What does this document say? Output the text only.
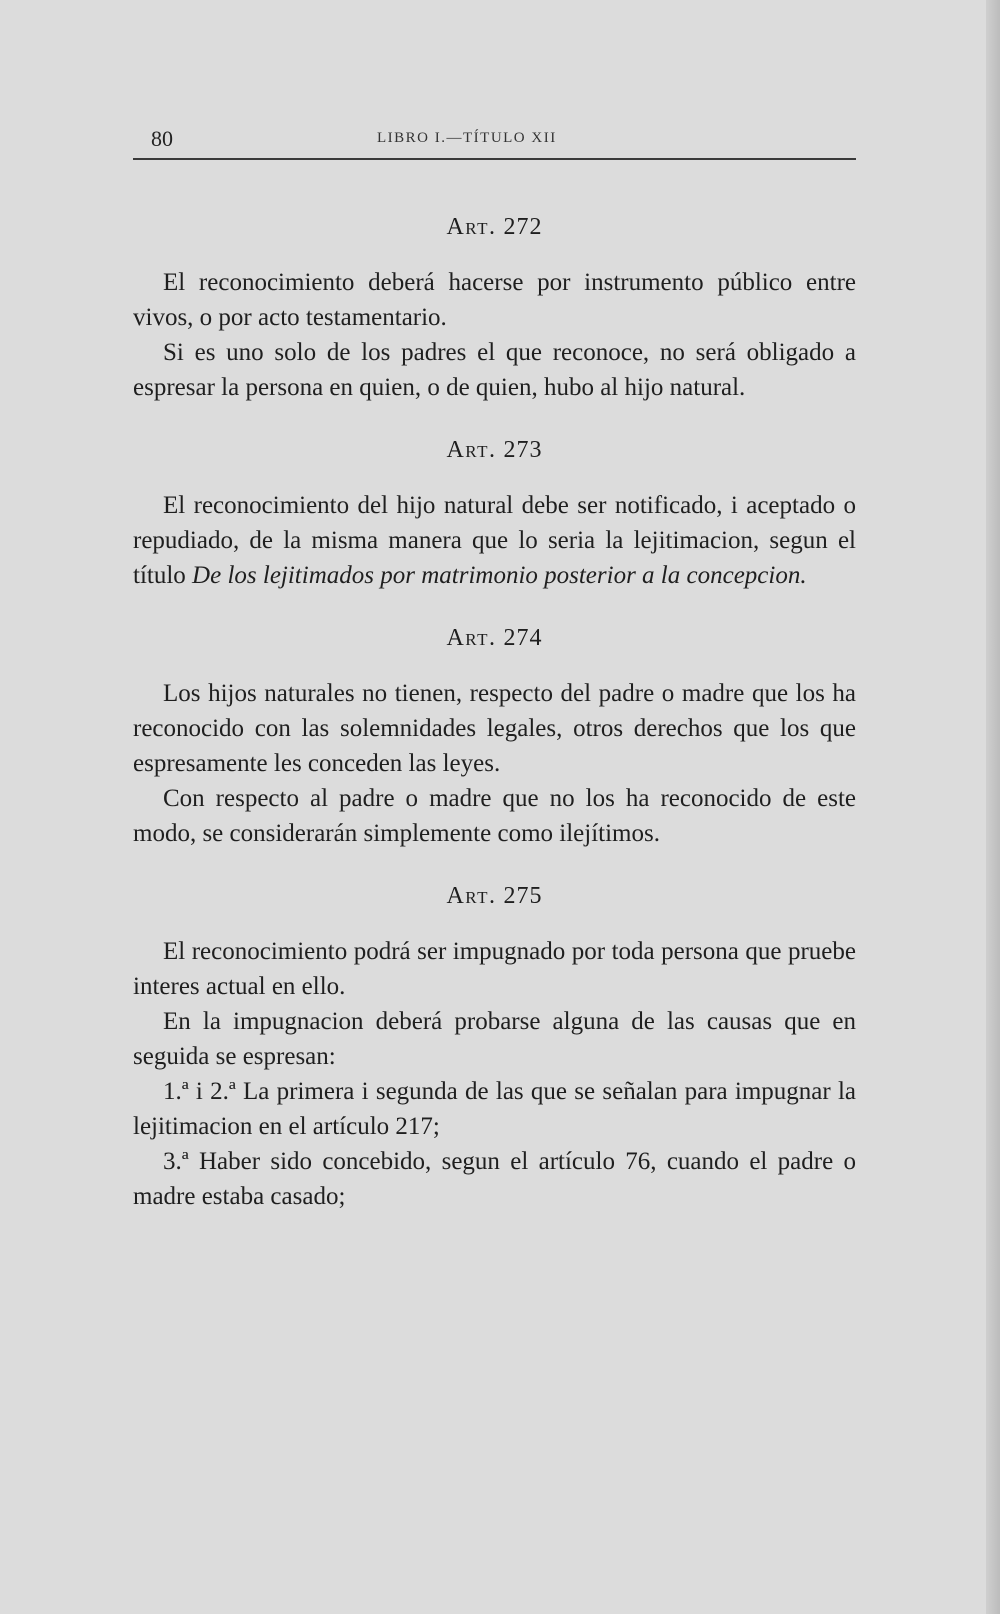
80	LIBRO I.—TÍTULO XII

Art. 272

El reconocimiento deberá hacerse por instrumento público entre vivos, o por acto testamentario.

Si es uno solo de los padres el que reconoce, no será obligado a espresar la persona en quien, o de quien, hubo al hijo natural.

Art. 273

El reconocimiento del hijo natural debe ser notificado, i aceptado o repudiado, de la misma manera que lo seria la lejitimacion, segun el título De los lejitimados por matrimonio posterior a la concepcion.

Art. 274

Los hijos naturales no tienen, respecto del padre o madre que los ha reconocido con las solemnidades legales, otros derechos que los que espresamente les conceden las leyes.

Con respecto al padre o madre que no los ha reconocido de este modo, se considerarán simplemente como ilejítimos.

Art. 275

El reconocimiento podrá ser impugnado por toda persona que pruebe interes actual en ello.

En la impugnacion deberá probarse alguna de las causas que en seguida se espresan:

1.ª i 2.ª La primera i segunda de las que se señalan para impugnar la lejitimacion en el artículo 217;

3.ª Haber sido concebido, segun el artículo 76, cuando el padre o madre estaba casado;
